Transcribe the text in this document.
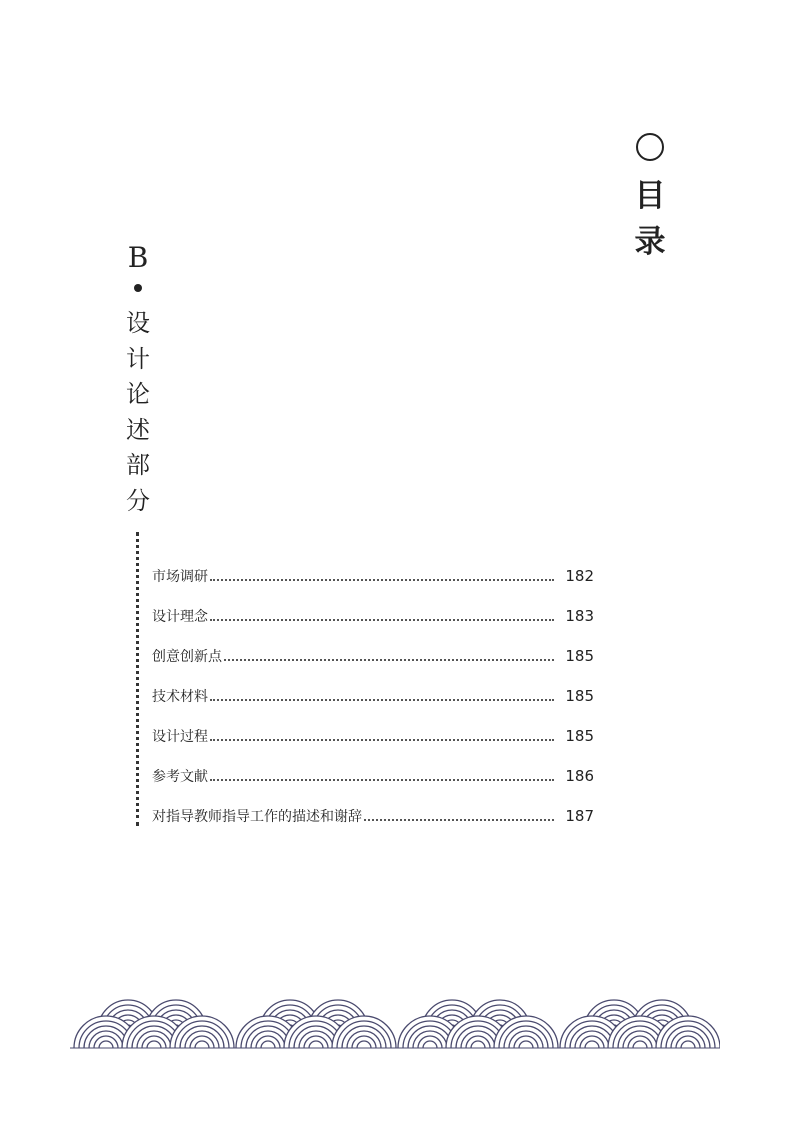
目
录
B
设
计
论
述
部
分
市场调研	182
设计理念	183
创意创新点	185
技术材料	185
设计过程	185
参考文献	186
对指导教师指导工作的描述和谢辞	187
